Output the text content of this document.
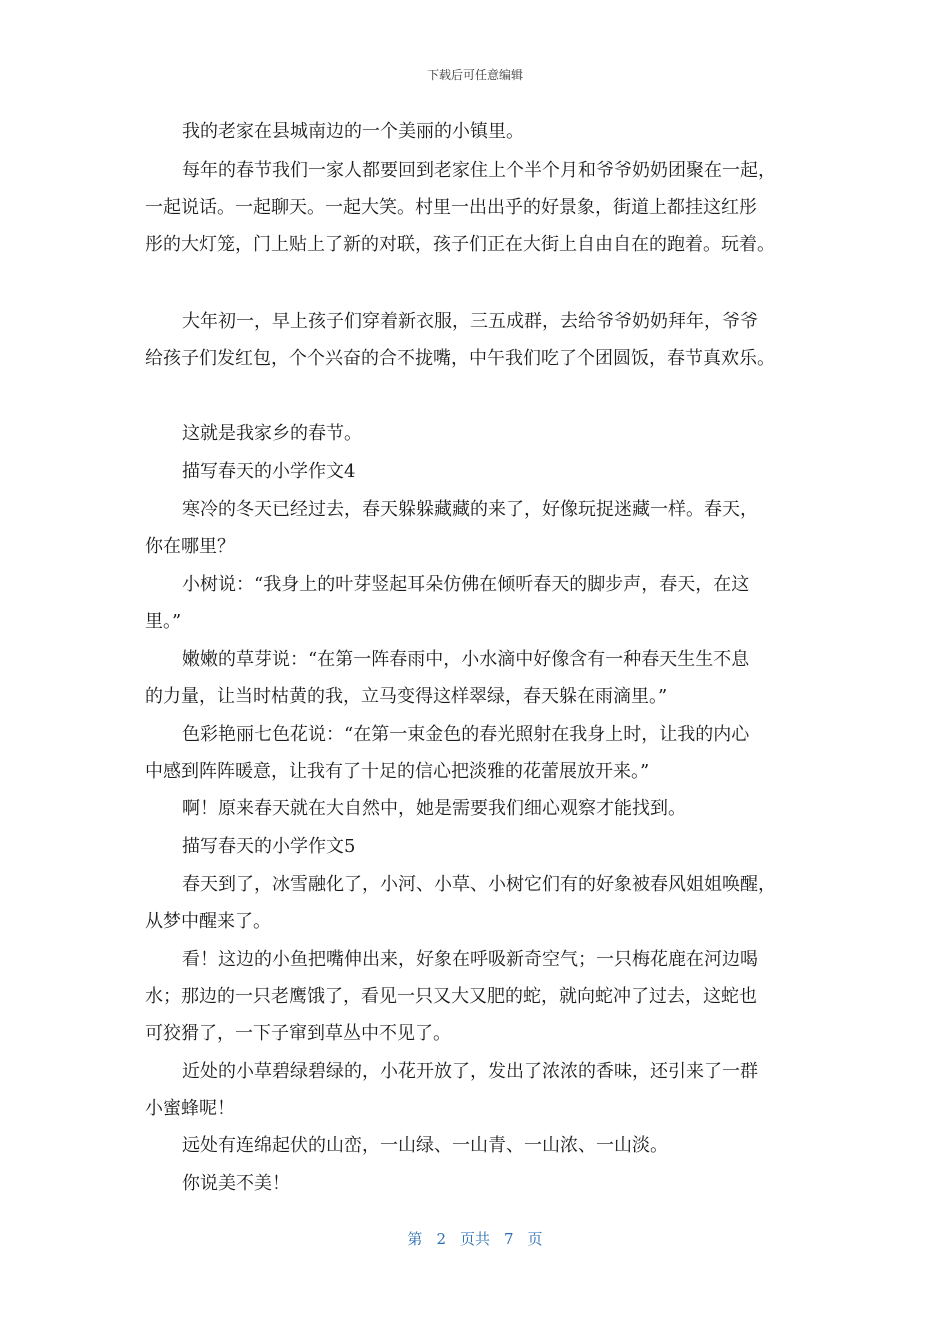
下载后可任意编辑

我的老家在县城南边的一个美丽的小镇里。

每年的春节我们一家人都要回到老家住上个半个月和爷爷奶奶团聚在一起，
一起说话。一起聊天。一起大笑。村里一出出乎的好景象，街道上都挂这红彤
彤的大灯笼，门上贴上了新的对联，孩子们正在大街上自由自在的跑着。玩着。

大年初一，早上孩子们穿着新衣服，三五成群，去给爷爷奶奶拜年，爷爷
给孩子们发红包，个个兴奋的合不拢嘴，中午我们吃了个团圆饭，春节真欢乐。

这就是我家乡的春节。

描写春天的小学作文4

寒冷的冬天已经过去，春天躲躲藏藏的来了，好像玩捉迷藏一样。春天，
你在哪里？

小树说：“我身上的叶芽竖起耳朵仿佛在倾听春天的脚步声，春天，在这
里。”

嫩嫩的草芽说：“在第一阵春雨中，小水滴中好像含有一种春天生生不息
的力量，让当时枯黄的我，立马变得这样翠绿，春天躲在雨滴里。”

色彩艳丽七色花说：“在第一束金色的春光照射在我身上时，让我的内心
中感到阵阵暖意，让我有了十足的信心把淡雅的花蕾展放开来。”

啊！原来春天就在大自然中，她是需要我们细心观察才能找到。

描写春天的小学作文5

春天到了，冰雪融化了，小河、小草、小树它们有的好象被春风姐姐唤醒，
从梦中醒来了。

看！这边的小鱼把嘴伸出来，好象在呼吸新奇空气；一只梅花鹿在河边喝
水；那边的一只老鹰饿了，看见一只又大又肥的蛇，就向蛇冲了过去，这蛇也
可狡猾了，一下子窜到草丛中不见了。

近处的小草碧绿碧绿的，小花开放了，发出了浓浓的香味，还引来了一群
小蜜蜂呢！

远处有连绵起伏的山峦，一山绿、一山青、一山浓、一山淡。

你说美不美！

第 2 页共 7 页
